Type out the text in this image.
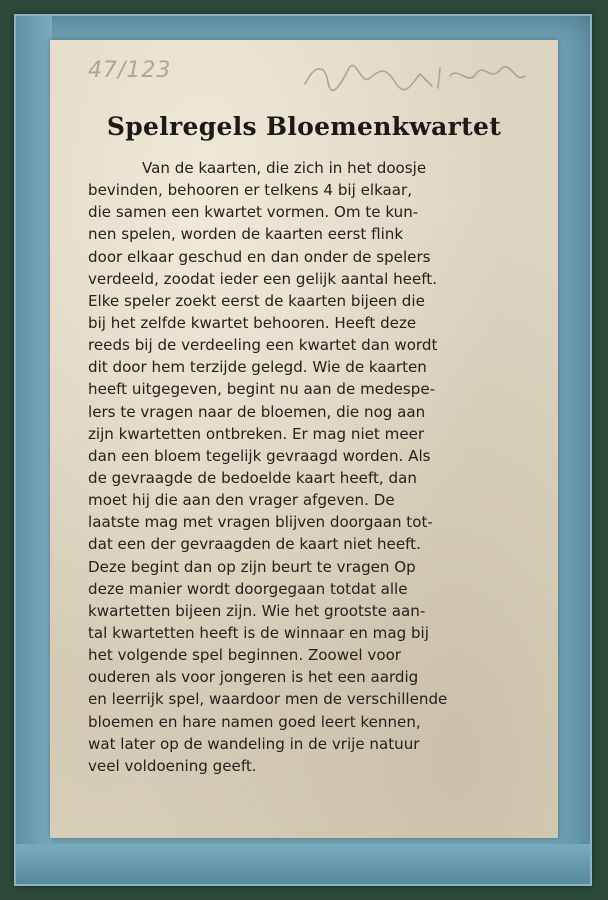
47/123
Spelregels Bloemenkwartet
Van de kaarten, die zich in het doosje
bevinden, behooren er telkens 4 bij elkaar,
die samen een kwartet vormen. Om te kun-
nen spelen, worden de kaarten eerst flink
door elkaar geschud en dan onder de spelers
verdeeld, zoodat ieder een gelijk aantal heeft.
Elke speler zoekt eerst de kaarten bijeen die
bij het zelfde kwartet behooren. Heeft deze
reeds bij de verdeeling een kwartet dan wordt
dit door hem terzijde gelegd. Wie de kaarten
heeft uitgegeven, begint nu aan de medespe-
lers te vragen naar de bloemen, die nog aan
zijn kwartetten ontbreken. Er mag niet meer
dan een bloem tegelijk gevraagd worden. Als
de gevraagde de bedoelde kaart heeft, dan
moet hij die aan den vrager afgeven. De
laatste mag met vragen blijven doorgaan tot-
dat een der gevraagden de kaart niet heeft.
Deze begint dan op zijn beurt te vragen Op
deze manier wordt doorgegaan totdat alle
kwartetten bijeen zijn. Wie het grootste aan-
tal kwartetten heeft is de winnaar en mag bij
het volgende spel beginnen. Zoowel voor
ouderen als voor jongeren is het een aardig
en leerrijk spel, waardoor men de verschillende
bloemen en hare namen goed leert kennen,
wat later op de wandeling in de vrije natuur
veel voldoening geeft.
